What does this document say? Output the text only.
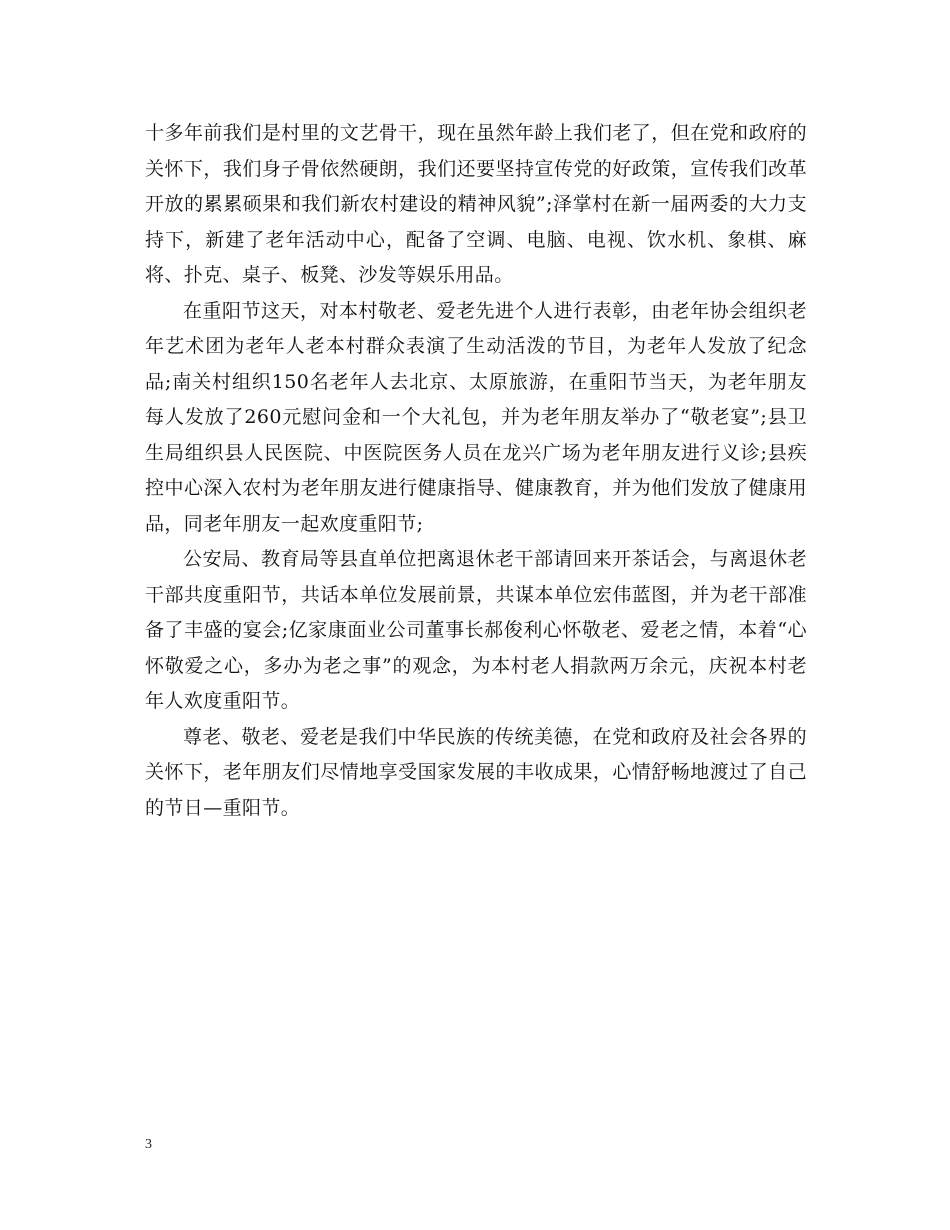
十多年前我们是村里的文艺骨干，现在虽然年龄上我们老了，但在党和政府的关怀下，我们身子骨依然硬朗，我们还要坚持宣传党的好政策，宣传我们改革开放的累累硕果和我们新农村建设的精神风貌”;泽掌村在新一届两委的大力支持下，新建了老年活动中心，配备了空调、电脑、电视、饮水机、象棋、麻将、扑克、桌子、板凳、沙发等娱乐用品。

在重阳节这天，对本村敬老、爱老先进个人进行表彰，由老年协会组织老年艺术团为老年人老本村群众表演了生动活泼的节目，为老年人发放了纪念品;南关村组织150名老年人去北京、太原旅游，在重阳节当天，为老年朋友每人发放了260元慰问金和一个大礼包，并为老年朋友举办了“敬老宴”;县卫生局组织县人民医院、中医院医务人员在龙兴广场为老年朋友进行义诊;县疾控中心深入农村为老年朋友进行健康指导、健康教育，并为他们发放了健康用品，同老年朋友一起欢度重阳节;

公安局、教育局等县直单位把离退休老干部请回来开茶话会，与离退休老干部共度重阳节，共话本单位发展前景，共谋本单位宏伟蓝图，并为老干部准备了丰盛的宴会;亿家康面业公司董事长郝俊利心怀敬老、爱老之情，本着“心怀敬爱之心，多办为老之事”的观念，为本村老人捐款两万余元，庆祝本村老年人欢度重阳节。

尊老、敬老、爱老是我们中华民族的传统美德，在党和政府及社会各界的关怀下，老年朋友们尽情地享受国家发展的丰收成果，心情舒畅地渡过了自己的节日—重阳节。

3
